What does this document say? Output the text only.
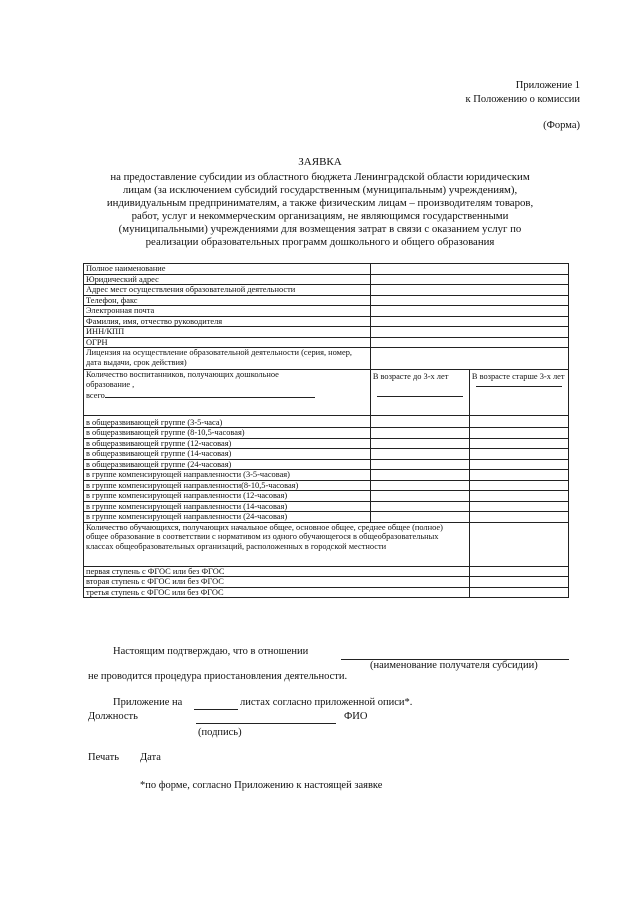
Приложение 1
к Положению о комиссии
(Форма)
ЗАЯВКА
на предоставление субсидии из областного бюджета Ленинградской области юридическим
лицам (за исключением субсидий государственным (муниципальным) учреждениям),
индивидуальным предпринимателям, а также физическим лицам – производителям товаров,
работ, услуг и некоммерческим организациям, не являющимся государственными
(муниципальными) учреждениями для возмещения затрат в связи с оказанием услуг по
реализации образовательных программ дошкольного и общего образования
Полное наименование		
Юридический адрес		
Адрес мест осуществления образовательной деятельности		
Телефон, факс		
Электронная почта		
Фамилия, имя, отчество руководителя		
ИНН/КПП		
ОГРН		
Лицензия на осуществление образовательной деятельности (серия, номер, дата выдачи, срок действия)		

Количество воспитанников, получающих дошкольное
образование ,
всего	В возрасте до 3-х лет	В возрасте старше 3-х лет

в общеразвивающей группе (3-5-часа)		
в общеразвивающей группе (8-10,5-часовая)		
в общеразвивающей группе (12-часовая)		
в общеразвивающей группе (14-часовая)		
в общеразвивающей группе (24-часовая)		
в группе компенсирующей направленности (3-5-часовая)		
в группе компенсирующей направленности(8-10,5-часовая)		
в группе компенсирующей направленности (12-часовая)		
в группе компенсирующей направленности (14-часовая)		
в группе компенсирующей направленности (24-часовая)		
Количество обучающихся, получающих начальное общее, основное общее, среднее общее (полное) общее образование в соответствии с нормативом из одного обучающегося в общеобразовательных классах общеобразовательных организаций, расположенных в городской местности		
первая ступень с ФГОС или без ФГОС		
вторая ступень с ФГОС или без ФГОС		
третья ступень с ФГОС или без ФГОС		
Настоящим подтверждаю, что в отношении
(наименование получателя субсидии)
не проводится процедура приостановления деятельности.
Приложение на	листах согласно приложенной описи*.
Должность	ФИО
(подпись)
Печать Дата
*по форме, согласно Приложению к настоящей заявке
